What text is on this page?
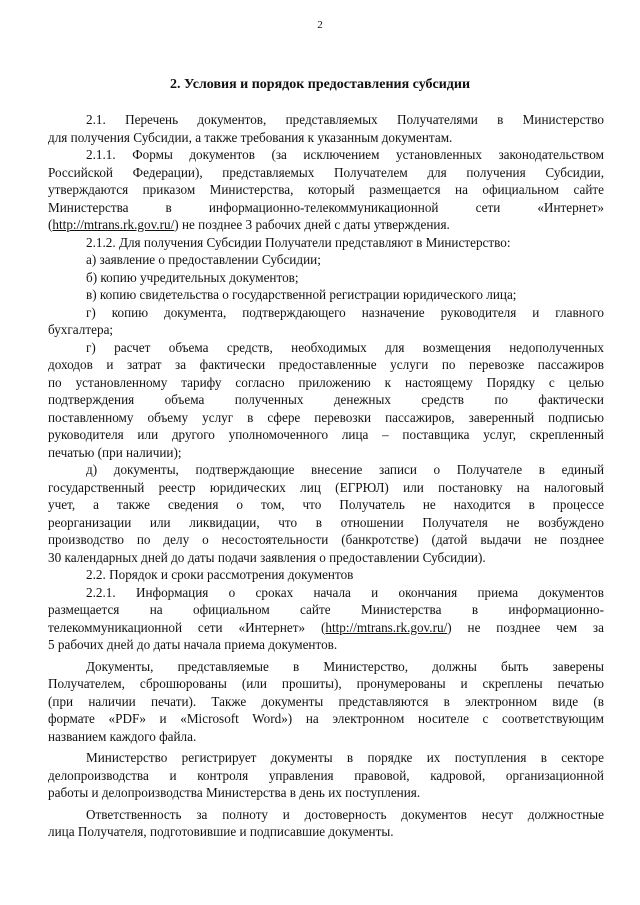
2
2. Условия и порядок предоставления субсидии
2.1. Перечень документов, представляемых Получателями в Министерство
для получения Субсидии, а также требования к указанным документам.
2.1.1. Формы документов (за исключением установленных законодательством
Российской Федерации), представляемых Получателем для получения Субсидии,
утверждаются приказом Министерства, который размещается на официальном сайте
Министерства в информационно-телекоммуникационной сети «Интернет»
(http://mtrans.rk.gov.ru/) не позднее 3 рабочих дней с даты утверждения.
2.1.2. Для получения Субсидии Получатели представляют в Министерство:
а) заявление о предоставлении Субсидии;
б) копию учредительных документов;
в) копию свидетельства о государственной регистрации юридического лица;
г) копию документа, подтверждающего назначение руководителя и главного
бухгалтера;
г) расчет объема средств, необходимых для возмещения недополученных
доходов и затрат за фактически предоставленные услуги по перевозке пассажиров
по установленному тарифу согласно приложению к настоящему Порядку с целью
подтверждения объема полученных денежных средств по фактически
поставленному объему услуг в сфере перевозки пассажиров, заверенный подписью
руководителя или другого уполномоченного лица – поставщика услуг, скрепленный
печатью (при наличии);
д) документы, подтверждающие внесение записи о Получателе в единый
государственный реестр юридических лиц (ЕГРЮЛ) или постановку на налоговый
учет, а также сведения о том, что Получатель не находится в процессе
реорганизации или ликвидации, что в отношении Получателя не возбуждено
производство по делу о несостоятельности (банкротстве) (датой выдачи не позднее
30 календарных дней до даты подачи заявления о предоставлении Субсидии).
2.2. Порядок и сроки рассмотрения документов
2.2.1. Информация о сроках начала и окончания приема документов
размещается на официальном сайте Министерства в информационно-
телекоммуникационной сети «Интернет» (http://mtrans.rk.gov.ru/) не позднее чем за
5 рабочих дней до даты начала приема документов.
Документы, представляемые в Министерство, должны быть заверены
Получателем, сброшюрованы (или прошиты), пронумерованы и скреплены печатью
(при наличии печати). Также документы представляются в электронном виде (в
формате «PDF» и «Microsoft Word») на электронном носителе с соответствующим
названием каждого файла.
Министерство регистрирует документы в порядке их поступления в секторе
делопроизводства и контроля управления правовой, кадровой, организационной
работы и делопроизводства Министерства в день их поступления.
Ответственность за полноту и достоверность документов несут должностные
лица Получателя, подготовившие и подписавшие документы.
